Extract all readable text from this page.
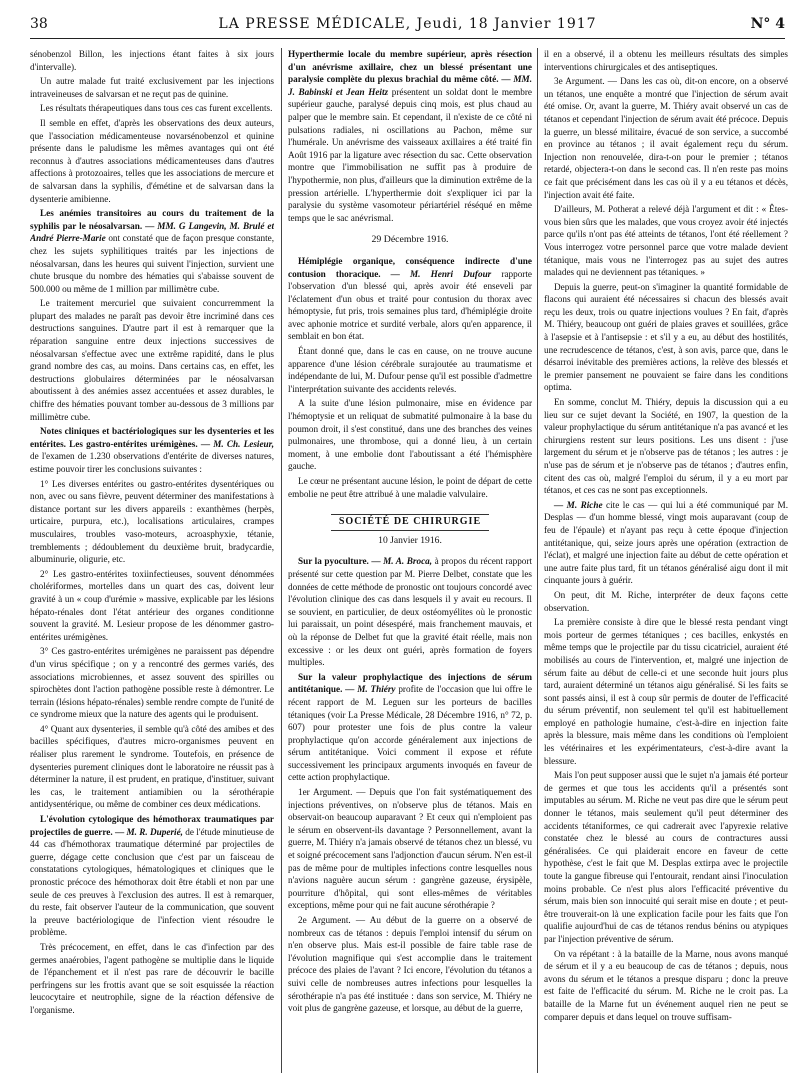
38	LA PRESSE MÉDICALE, Jeudi, 18 Janvier 1917	N° 4

sénobenzol Billon, les injections étant faites à six jours d'intervalle).

Un autre malade fut traité exclusivement par les injections intraveineuses de salvarsan et ne reçut pas de quinine.

Les résultats thérapeutiques dans tous ces cas furent excellents.

Il semble en effet, d'après les observations des deux auteurs, que l'association médicamenteuse novarsénobenzol et quinine présente dans le paludisme les mêmes avantages qui ont été reconnus à d'autres associations médicamenteuses dans d'autres affections à protozoaires, telles que les associations de mercure et de salvarsan dans la syphilis, d'émétine et de salvarsan dans la dysenterie amibienne.

Les anémies transitoires au cours du traitement de la syphilis par le néosalvarsan. — MM. G Langevin, M. Brulé et André Pierre-Marie ont constaté que de façon presque constante, chez les sujets syphilitiques traités par les injections de néosalvarsan, dans les heures qui suivent l'injection, survient une chute brusque du nombre des hématies qui s'abaisse souvent de 500.000 ou même de 1 million par millimètre cube.

Le traitement mercuriel que suivaient concurremment la plupart des malades ne paraît pas devoir être incriminé dans ces destructions sanguines. D'autre part il est à remarquer que la réparation sanguine entre deux injections successives de néosalvarsan s'effectue avec une extrême rapidité, dans le plus grand nombre des cas, au moins. Dans certains cas, en effet, les destructions globulaires déterminées par le néosalvarsan aboutissent à des anémies assez accentuées et assez durables, le chiffre des hématies pouvant tomber au-dessous de 3 millions par millimètre cube.

Notes cliniques et bactériologiques sur les dysenteries et les entérites. Les gastro-entérites urémigènes. — M. Ch. Lesieur, de l'examen de 1.230 observations d'entérite de diverses natures, estime pouvoir tirer les conclusions suivantes :

1° Les diverses entérites ou gastro-entérites dysentériques ou non, avec ou sans fièvre, peuvent déterminer des manifestations à distance portant sur les divers appareils : exanthèmes (herpès, urticaire, purpura, etc.), localisations articulaires, crampes musculaires, troubles vaso-moteurs, acroasphyxie, tétanie, tremblements ; dédoublement du deuxième bruit, bradycardie, albuminurie, oligurie, etc.

2° Les gastro-entérites toxiinfectieuses, souvent dénommées cholériformes, mortelles dans un quart des cas, doivent leur gravité à un « coup d'urémie » massive, explicable par les lésions hépato-rénales dont l'état antérieur des organes conditionne souvent la gravité. M. Lesieur propose de les dénommer gastro-entérites urémigènes.

3° Ces gastro-entérites urémigènes ne paraissent pas dépendre d'un virus spécifique ; on y a rencontré des germes variés, des associations microbiennes, et assez souvent des spirilles ou spirochètes dont l'action pathogène possible reste à démontrer. Le terrain (lésions hépato-rénales) semble rendre compte de l'unité de ce syndrome mieux que la nature des agents qui le produisent.

4° Quant aux dysenteries, il semble qu'à côté des amibes et des bacilles spécifiques, d'autres micro-organismes peuvent en réaliser plus rarement le syndrome. Toutefois, en présence de dysenteries purement cliniques dont le laboratoire ne réussit pas à déterminer la nature, il est prudent, en pratique, d'instituer, suivant les cas, le traitement antiamibien ou la sérothérapie antidysentérique, ou même de combiner ces deux médications.

L'évolution cytologique des hémothorax traumatiques par projectiles de guerre. — M. R. Duperié, de l'étude minutieuse de 44 cas d'hémothorax traumatique déterminé par projectiles de guerre, dégage cette conclusion que c'est par un faisceau de constatations cytologiques, hématologiques et cliniques que le pronostic précoce des hémothorax doit être établi et non par une seule de ces preuves à l'exclusion des autres. Il est à remarquer, du reste, fait observer l'auteur de la communication, que souvent la preuve bactériologique de l'infection vient résoudre le problème.

Très précocement, en effet, dans le cas d'infection par des germes anaérobies, l'agent pathogène se multiplie dans le liquide de l'épanchement et il n'est pas rare de découvrir le bacille perfringens sur les frottis avant que se soit esquissée la réaction leucocytaire et neutrophile, signe de la réaction défensive de l'organisme.

Hyperthermie locale du membre supérieur, après résection d'un anévrisme axillaire, chez un blessé présentant une paralysie complète du plexus brachial du même côté. — MM. J. Babinski et Jean Heitz présentent un soldat dont le membre supérieur gauche, paralysé depuis cinq mois, est plus chaud au palper que le membre sain. Et cependant, il n'existe de ce côté ni pulsations radiales, ni oscillations au Pachon, même sur l'humérale. Un anévrisme des vaisseaux axillaires a été traité fin Août 1916 par la ligature avec résection du sac. Cette observation montre que l'immobilisation ne suffit pas à produire de l'hypothermie, non plus, d'ailleurs que la diminution extrême de la pression artérielle. L'hyperthermie doit s'expliquer ici par la paralysie du système vasomoteur périartériel réséqué en même temps que le sac anévrismal.

29 Décembre 1916.

Hémiplégie organique, conséquence indirecte d'une contusion thoracique. — M. Henri Dufour rapporte l'observation d'un blessé qui, après avoir été enseveli par l'éclatement d'un obus et traité pour contusion du thorax avec hémoptysie, fut pris, trois semaines plus tard, d'hémiplégie droite avec aphonie motrice et surdité verbale, alors qu'en apparence, il semblait en bon état.

Étant donné que, dans le cas en cause, on ne trouve aucune apparence d'une lésion cérébrale surajoutée au traumatisme et indépendante de lui, M. Dufour pense qu'il est possible d'admettre l'interprétation suivante des accidents relevés.

A la suite d'une lésion pulmonaire, mise en évidence par l'hémoptysie et un reliquat de submatité pulmonaire à la base du poumon droit, il s'est constitué, dans une des branches des veines pulmonaires, une thrombose, qui a donné lieu, à un certain moment, à une embolie dont l'aboutissant a été l'hémisphère gauche.

Le cœur ne présentant aucune lésion, le point de départ de cette embolie ne peut être attribué à une maladie valvulaire.

SOCIÉTÉ DE CHIRURGIE

10 Janvier 1916.

Sur la pyoculture. — M. A. Broca, à propos du récent rapport présenté sur cette question par M. Pierre Delbet, constate que les données de cette méthode de pronostic ont toujours concordé avec l'évolution clinique des cas dans lesquels il y avait eu recours. Il se souvient, en particulier, de deux ostéomyélites où le pronostic lui paraissait, un point désespéré, mais franchement mauvais, et où la réponse de Delbet fut que la gravité était réelle, mais non excessive : or les deux ont guéri, après formation de foyers multiples.

Sur la valeur prophylactique des injections de sérum antitétanique. — M. Thiéry profite de l'occasion que lui offre le récent rapport de M. Leguen sur les porteurs de bacilles tétaniques (voir La Presse Médicale, 28 Décembre 1916, n° 72, p. 607) pour protester une fois de plus contre la valeur prophylactique qu'on accorde généralement aux injections de sérum antitétanique. Voici comment il expose et réfute successivement les principaux arguments invoqués en faveur de cette action prophylactique.

1er Argument. — Depuis que l'on fait systématiquement des injections préventives, on n'observe plus de tétanos. Mais en observait-on beaucoup auparavant ? Et ceux qui n'emploient pas le sérum en observent-ils davantage ? Personnellement, avant la guerre, M. Thiéry n'a jamais observé de tétanos chez un blessé, vu et soigné précocement sans l'adjonction d'aucun sérum. N'en est-il pas de même pour de multiples infections contre lesquelles nous n'avions naguère aucun sérum : gangrène gazeuse, érysipèle, pourriture d'hôpital, qui sont elles-mêmes de véritables exceptions, même pour qui ne fait aucune sérothérapie ?

2e Argument. — Au début de la guerre on a observé de nombreux cas de tétanos : depuis l'emploi intensif du sérum on n'en observe plus. Mais est-il possible de faire table rase de l'évolution magnifique qui s'est accomplie dans le traitement précoce des plaies de l'avant ? Ici encore, l'évolution du tétanos a suivi celle de nombreuses autres infections pour lesquelles la sérothérapie n'a pas été instituée : dans son service, M. Thiéry ne voit plus de gangrène gazeuse, et lorsque, au début de la guerre,

il en a observé, il a obtenu les meilleurs résultats des simples interventions chirurgicales et des antiseptiques.

3e Argument. — Dans les cas où, dit-on encore, on a observé un tétanos, une enquête a montré que l'injection de sérum avait été omise. Or, avant la guerre, M. Thiéry avait observé un cas de tétanos et cependant l'injection de sérum avait été précoce. Depuis la guerre, un blessé militaire, évacué de son service, a succombé en province au tétanos ; il avait également reçu du sérum. Injection non renouvelée, dira-t-on pour le premier ; tétanos retardé, objectera-t-on dans le second cas. Il n'en reste pas moins ce fait que précisément dans les cas où il y a eu tétanos et décès, l'injection avait été faite.

D'ailleurs, M. Potherat a relevé déjà l'argument et dit : « Êtes-vous bien sûrs que les malades, que vous croyez avoir été injectés parce qu'ils n'ont pas été atteints de tétanos, l'ont été réellement ? Vous interrogez votre personnel parce que votre malade devient tétanique, mais vous ne l'interrogez pas au sujet des autres malades qui ne deviennent pas tétaniques. »

Depuis la guerre, peut-on s'imaginer la quantité formidable de flacons qui auraient été nécessaires si chacun des blessés avait reçu les deux, trois ou quatre injections voulues ? En fait, d'après M. Thiéry, beaucoup ont guéri de plaies graves et souillées, grâce à l'asepsie et à l'antisepsie : et s'il y a eu, au début des hostilités, une recrudescence de tétanos, c'est, à son avis, parce que, dans le désarroi inévitable des premières actions, la relève des blessés et le premier pansement ne pouvaient se faire dans les conditions optima.

En somme, conclut M. Thiéry, depuis la discussion qui a eu lieu sur ce sujet devant la Société, en 1907, la question de la valeur prophylactique du sérum antitétanique n'a pas avancé et les chirurgiens restent sur leurs positions. Les uns disent : j'use largement du sérum et je n'observe pas de tétanos ; les autres : je n'use pas de sérum et je n'observe pas de tétanos ; d'autres enfin, citent des cas où, malgré l'emploi du sérum, il y a eu mort par tétanos, et ces cas ne sont pas exceptionnels.

— M. Riche cite le cas — qui lui a été communiqué par M. Desplas — d'un homme blessé, vingt mois auparavant (coup de feu de l'épaule) et n'ayant pas reçu à cette époque d'injection antitétanique, qui, seize jours après une opération (extraction de l'éclat), et malgré une injection faite au début de cette opération et une autre faite plus tard, fit un tétanos généralisé aigu dont il mit cinquante jours à guérir.

On peut, dit M. Riche, interpréter de deux façons cette observation.

La première consiste à dire que le blessé resta pendant vingt mois porteur de germes tétaniques ; ces bacilles, enkystés en même temps que le projectile par du tissu cicatriciel, auraient été mobilisés au cours de l'intervention, et, malgré une injection de sérum faite au début de celle-ci et une seconde huit jours plus tard, auraient déterminé un tétanos aigu généralisé. Si les faits se sont passés ainsi, il est à coup sûr permis de douter de l'efficacité du sérum préventif, non seulement tel qu'il est habituellement employé en pathologie humaine, c'est-à-dire en injection faite après la blessure, mais même dans les conditions où l'emploient les vétérinaires et les expérimentateurs, c'est-à-dire avant la blessure.

Mais l'on peut supposer aussi que le sujet n'a jamais été porteur de germes et que tous les accidents qu'il a présentés sont imputables au sérum. M. Riche ne veut pas dire que le sérum peut donner le tétanos, mais seulement qu'il peut déterminer des accidents tétaniformes, ce qui cadrerait avec l'apyrexie relative constatée chez le blessé au cours de contractures aussi généralisées. Ce qui plaiderait encore en faveur de cette hypothèse, c'est le fait que M. Desplas extirpa avec le projectile toute la gangue fibreuse qui l'entourait, rendant ainsi l'inoculation moins probable. Ce n'est plus alors l'efficacité préventive du sérum, mais bien son innocuité qui serait mise en doute ; et peut-être trouverait-on là une explication facile pour les faits que l'on qualifie aujourd'hui de cas de tétanos rendus bénins ou atypiques par l'injection préventive de sérum.

On va répétant : à la bataille de la Marne, nous avons manqué de sérum et il y a eu beaucoup de cas de tétanos ; depuis, nous avons du sérum et le tétanos a presque disparu ; donc la preuve est faite de l'efficacité du sérum. M. Riche ne le croit pas. La bataille de la Marne fut un événement auquel rien ne peut se comparer depuis et dans lequel on trouve suffisam-
